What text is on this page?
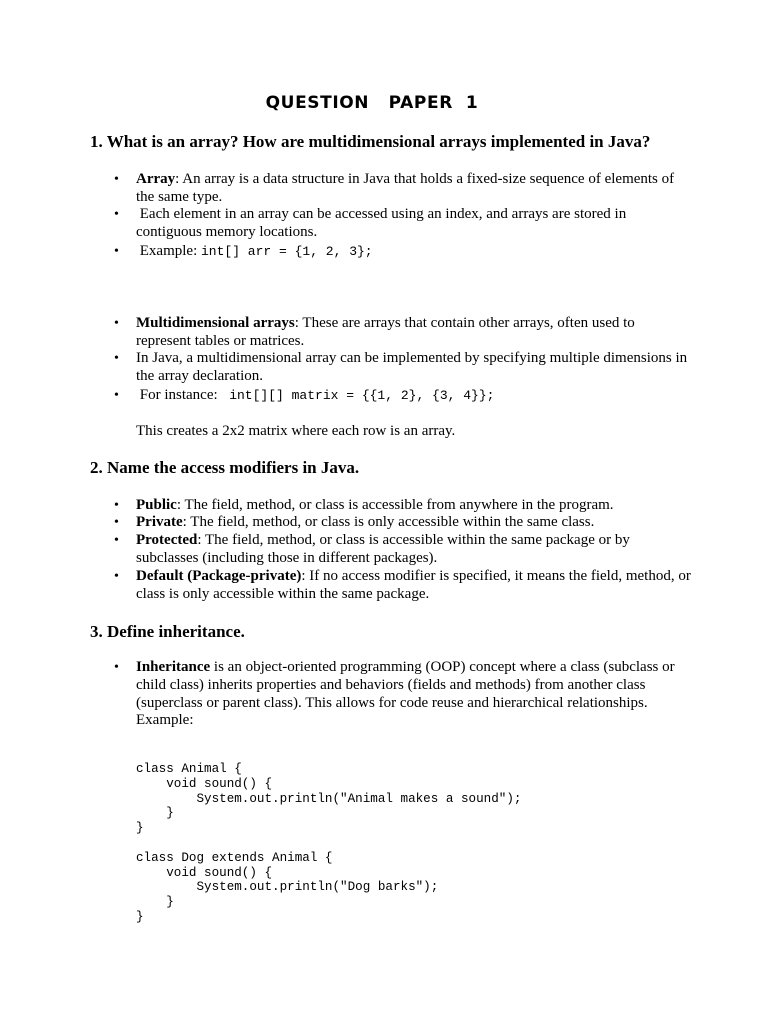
QUESTION   PAPER  1
1. What is an array? How are multidimensional arrays implemented in Java?
• Array: An array is a data structure in Java that holds a fixed-size sequence of elements of the same type.
• Each element in an array can be accessed using an index, and arrays are stored in contiguous memory locations.
• Example: int[] arr = {1, 2, 3};
• Multidimensional arrays: These are arrays that contain other arrays, often used to represent tables or matrices.
• In Java, a multidimensional array can be implemented by specifying multiple dimensions in the array declaration.
• For instance:  int[][] matrix = {{1, 2}, {3, 4}};
This creates a 2x2 matrix where each row is an array.
2. Name the access modifiers in Java.
• Public: The field, method, or class is accessible from anywhere in the program.
• Private: The field, method, or class is only accessible within the same class.
• Protected: The field, method, or class is accessible within the same package or by subclasses (including those in different packages).
• Default (Package-private): If no access modifier is specified, it means the field, method, or class is only accessible within the same package.
3. Define inheritance.
• Inheritance is an object-oriented programming (OOP) concept where a class (subclass or child class) inherits properties and behaviors (fields and methods) from another class (superclass or parent class). This allows for code reuse and hierarchical relationships. Example:
class Animal {
void sound() {
System.out.println("Animal makes a sound");
}
}

class Dog extends Animal {
void sound() {
System.out.println("Dog barks");
}
}
